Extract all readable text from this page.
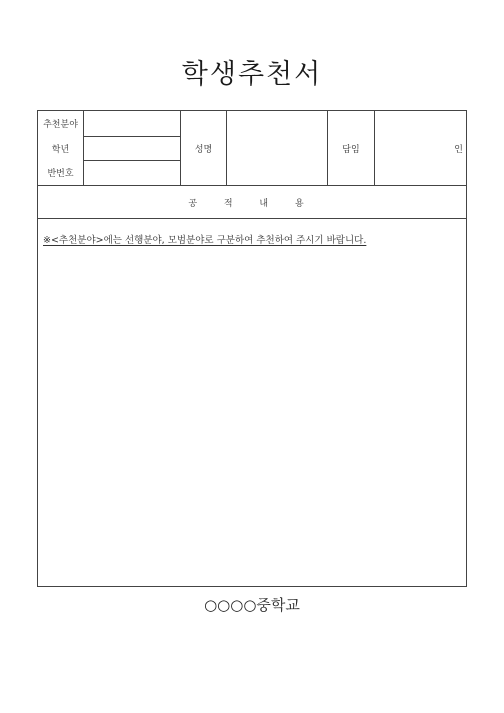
학생추천서
추천분야
학년
반번호
성명	담임	인
공 적 내 용
※<추천분야>에는 선행분야, 모범분야로 구분하여 추천하여 주시기 바랍니다.
○○○○중학교
